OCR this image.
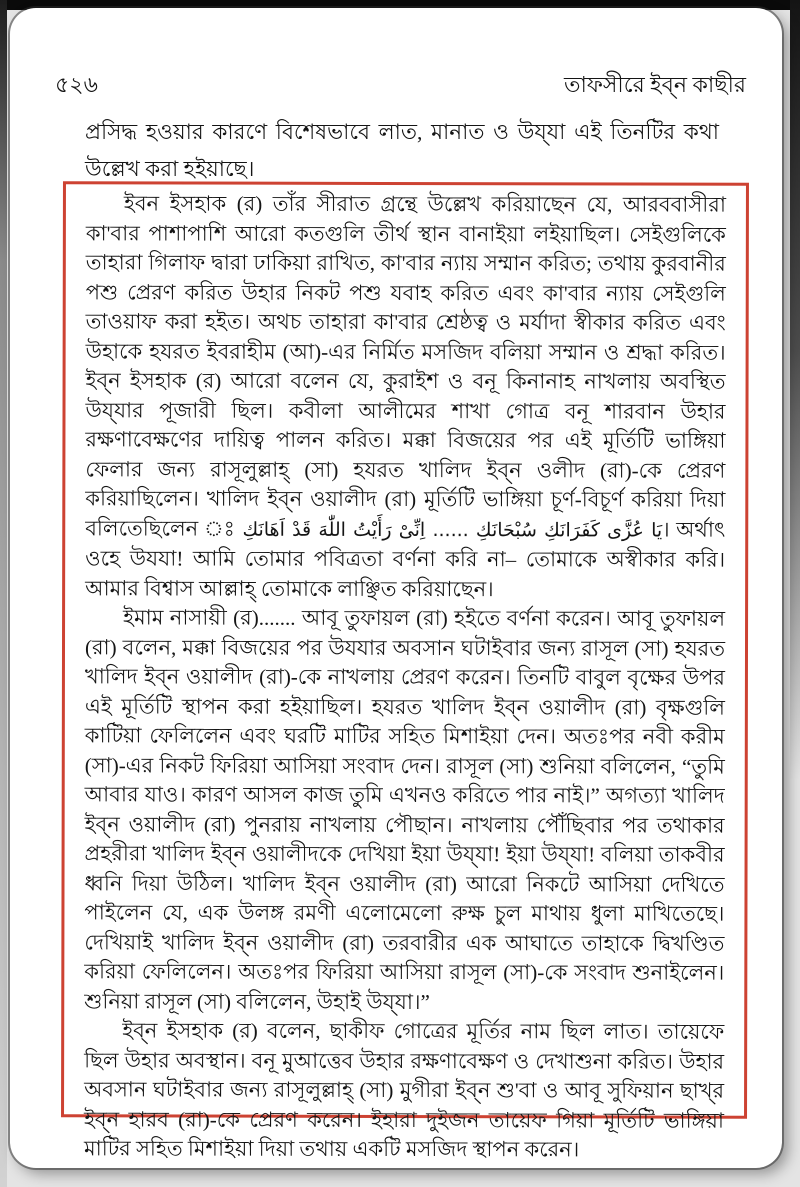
৫২৬	তাফসীরে ইব্‌ন কাছীর

প্রসিদ্ধ হওয়ার কারণে বিশেষভাবে লাত, মানাত ও উয্‌যা এই তিনটির কথা উল্লেখ করা হইয়াছে।

ইবন ইসহাক (র) তাঁর সীরাত গ্রন্থে উল্লেখ করিয়াছেন যে, আরববাসীরা কা'বার পাশাপাশি আরো কতগুলি তীর্থ স্থান বানাইয়া লইয়াছিল। সেইগুলিকে তাহারা গিলাফ দ্বারা ঢাকিয়া রাখিত, কা'বার ন্যায় সম্মান করিত; তথায় কুরবানীর পশু প্রেরণ করিত উহার নিকট পশু যবাহ করিত এবং কা'বার ন্যায় সেইগুলি তাওয়াফ করা হইত। অথচ তাহারা কা'বার শ্রেষ্ঠত্ব ও মর্যাদা স্বীকার করিত এবং উহাকে হযরত ইবরাহীম (আ)-এর নির্মিত মসজিদ বলিয়া সম্মান ও শ্রদ্ধা করিত। ইব্‌ন ইসহাক (র) আরো বলেন যে, কুরাইশ ও বনূ কিনানাহ নাখলায় অবস্থিত উয্‌যার পূজারী ছিল। কবীলা আলীমের শাখা গোত্র বনূ শারবান উহার রক্ষণাবেক্ষণের দায়িত্ব পালন করিত। মক্কা বিজয়ের পর এই মূর্তিটি ভাঙ্গিয়া ফেলার জন্য রাসূলুল্লাহ্‌ (সা) হযরত খালিদ ইব্‌ন ওলীদ (রা)-কে প্রেরণ করিয়াছিলেন। খালিদ ইব্‌ন ওয়ালীদ (রা) মূর্তিটি ভাঙ্গিয়া চূর্ণ-বিচূর্ণ করিয়া দিয়া বলিতেছিলেন ঃ يَا عُزَّى كَفَرَانَكِ سُبْحَانَكِ ...... اِنِّىْ رَأَيْتُ اللّٰهَ قَدْ اَهَانَكِ। অর্থাৎ ওহে উযযা! আমি তোমার পবিত্রতা বর্ণনা করি না– তোমাকে অস্বীকার করি। আমার বিশ্বাস আল্লাহ্‌ তোমাকে লাঞ্ছিত করিয়াছেন।

ইমাম নাসায়ী (র)....... আবূ তুফায়ল (রা) হইতে বর্ণনা করেন। আবূ তুফায়ল (রা) বলেন, মক্কা বিজয়ের পর উযযার অবসান ঘটাইবার জন্য রাসূল (সা) হযরত খালিদ ইব্‌ন ওয়ালীদ (রা)-কে নাখলায় প্রেরণ করেন। তিনটি বাবুল বৃক্ষের উপর এই মূর্তিটি স্থাপন করা হইয়াছিল। হযরত খালিদ ইব্‌ন ওয়ালীদ (রা) বৃক্ষগুলি কাটিয়া ফেলিলেন এবং ঘরটি মাটির সহিত মিশাইয়া দেন। অতঃপর নবী করীম (সা)-এর নিকট ফিরিয়া আসিয়া সংবাদ দেন। রাসূল (সা) শুনিয়া বলিলেন, “তুমি আবার যাও। কারণ আসল কাজ তুমি এখনও করিতে পার নাই।” অগত্যা খালিদ ইব্‌ন ওয়ালীদ (রা) পুনরায় নাখলায় পৌছান। নাখলায় পৌঁছিবার পর তথাকার প্রহরীরা খালিদ ইব্‌ন ওয়ালীদকে দেখিয়া ইয়া উয্‌যা! ইয়া উয্‌যা! বলিয়া তাকবীর ধ্বনি দিয়া উঠিল। খালিদ ইব্‌ন ওয়ালীদ (রা) আরো নিকটে আসিয়া দেখিতে পাইলেন যে, এক উলঙ্গ রমণী এলোমেলো রুক্ষ চুল মাথায় ধুলা মাখিতেছে। দেখিয়াই খালিদ ইব্‌ন ওয়ালীদ (রা) তরবারীর এক আঘাতে তাহাকে দ্বিখণ্ডিত করিয়া ফেলিলেন। অতঃপর ফিরিয়া আসিয়া রাসূল (সা)-কে সংবাদ শুনাইলেন। শুনিয়া রাসূল (সা) বলিলেন, উহাই উয্‌যা।”

ইব্‌ন ইসহাক (র) বলেন, ছাকীফ গোত্রের মূর্তির নাম ছিল লাত। তায়েফে ছিল উহার অবস্থান। বনূ মুআত্তেব উহার রক্ষণাবেক্ষণ ও দেখাশুনা করিত। উহার অবসান ঘটাইবার জন্য রাসূলুল্লাহ্‌ (সা) মুগীরা ইব্‌ন শু'বা ও আবূ সুফিয়ান ছাখ্‌র ইব্‌ন হারব (রা)-কে প্রেরণ করেন। ইহারা দুইজন তায়েফ গিয়া মূর্তিটি ভাঙ্গিয়া মাটির সহিত মিশাইয়া দিয়া তথায় একটি মসজিদ স্থাপন করেন।
